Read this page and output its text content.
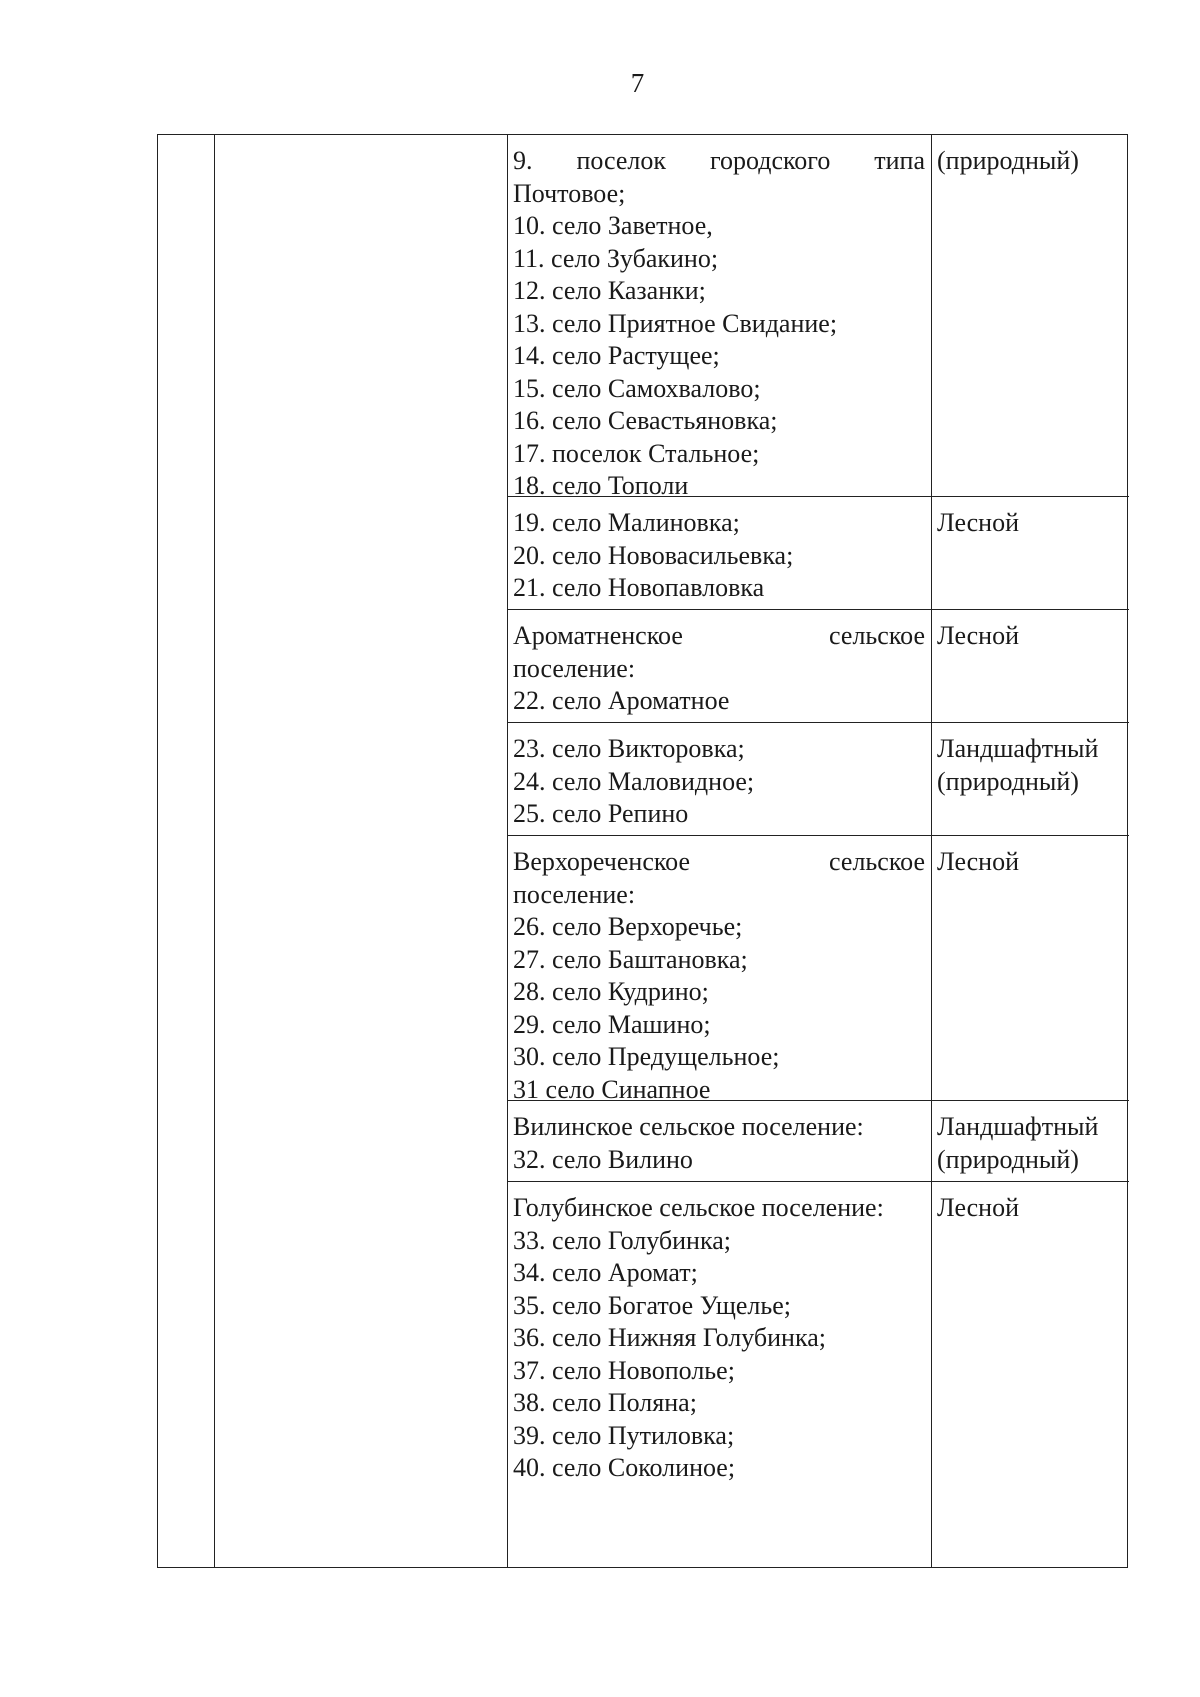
7
9. поселок городского типа
Почтовое;
10. село Заветное,
11. село Зубакино;
12. село Казанки;
13. село Приятное Свидание;
14. село Растущее;
15. село Самохвалово;
16. село Севастьяновка;
17. поселок Стальное;
18. село Тополи
(природный)
19. село Малиновка;
20. село Нововасильевка;
21. село Новопавловка
Лесной
Ароматненское	сельское
поселение:
22. село Ароматное
Лесной
23. село Викторовка;
24. село Маловидное;
25. село Репино
Ландшафтный
(природный)
Верхореченское	сельское
поселение:
26. село Верхоречье;
27. село Баштановка;
28. село Кудрино;
29. село Машино;
30. село Предущельное;
31 село Синапное
Лесной
Вилинское сельское поселение:
32. село Вилино
Ландшафтный
(природный)
Голубинское сельское поселение:
33. село Голубинка;
34. село Аромат;
35. село Богатое Ущелье;
36. село Нижняя Голубинка;
37. село Новополье;
38. село Поляна;
39. село Путиловка;
40. село Соколиное;
Лесной
